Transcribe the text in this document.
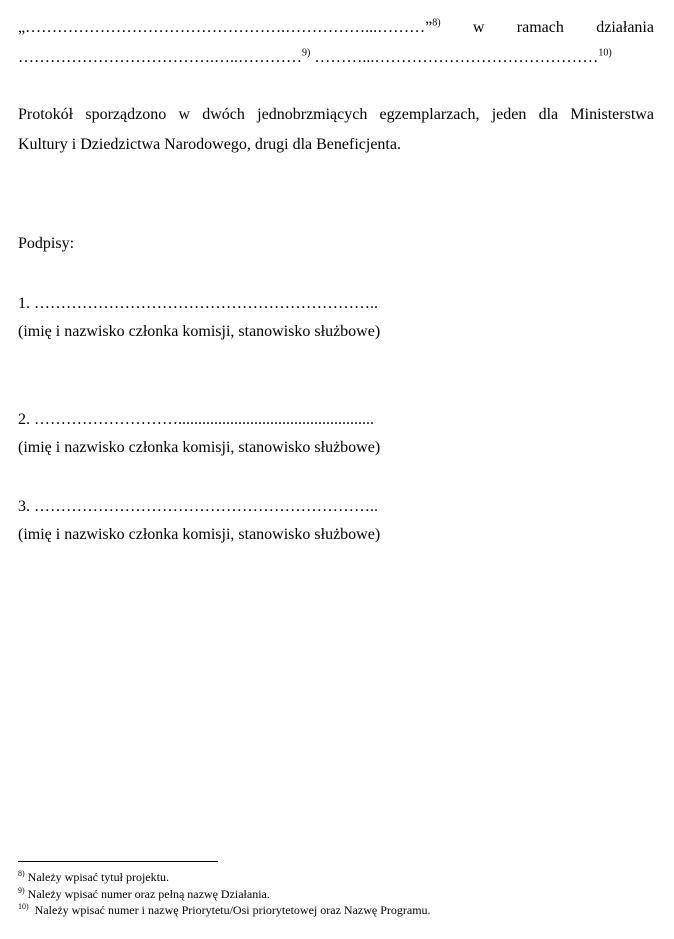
„………………………………………….……………...………”$^{8)}$ w ramach działania
……………………………….…..…………$^{9)}$ ………...……………………………………$^{10)}$
Protokół sporządzono w dwóch jednobrzmiących egzemplarzach, jeden dla Ministerstwa
Kultury i Dziedzictwa Narodowego, drugi dla Beneficjenta.
Podpisy:
1. ………………………………………………………..
(imię i nazwisko członka komisji, stanowisko służbowe)
2. ……………………….................................................
(imię i nazwisko członka komisji, stanowisko służbowe)
3. ………………………………………………………..
(imię i nazwisko członka komisji, stanowisko służbowe)
$^{8)}$ Należy wpisać tytuł projektu.
$^{9)}$ Należy wpisać numer oraz pełną nazwę Działania.
$^{10)}$  Należy wpisać numer i nazwę Priorytetu/Osi priorytetowej oraz Nazwę Programu.
